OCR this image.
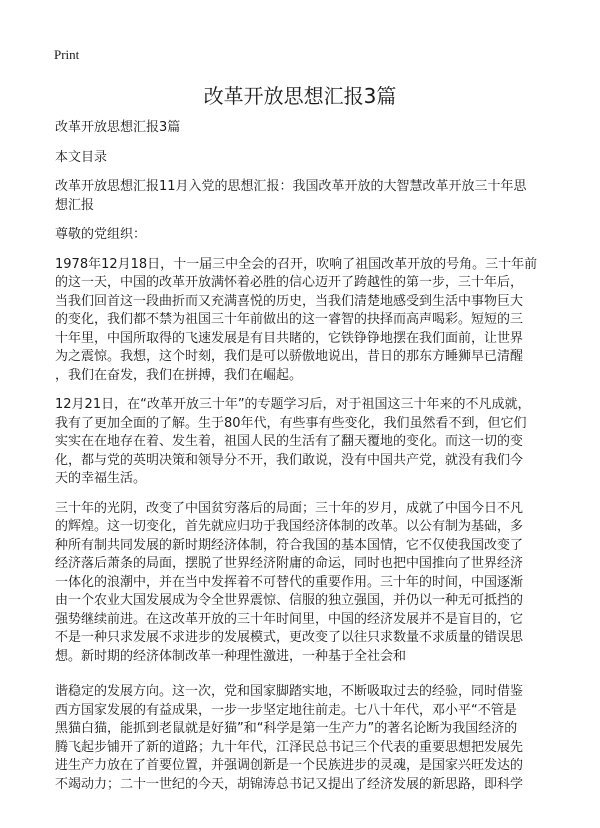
Print
改革开放思想汇报3篇

改革开放思想汇报3篇

本文目录

改革开放思想汇报11月入党的思想汇报：我国改革开放的大智慧改革开放三十年思
想汇报

尊敬的党组织：

1978年12月18日，十一届三中全会的召开，吹响了祖国改革开放的号角。三十年前
的这一天，中国的改革开放满怀着必胜的信心迈开了跨越性的第一步，三十年后，
当我们回首这一段曲折而又充满喜悦的历史，当我们清楚地感受到生活中事物巨大
的变化，我们都不禁为祖国三十年前做出的这一睿智的抉择而高声喝彩。短短的三
十年里，中国所取得的飞速发展是有目共睹的，它铁铮铮地摆在我们面前，让世界
为之震惊。我想，这个时刻，我们是可以骄傲地说出，昔日的那东方睡狮早已清醒
，我们在奋发，我们在拼搏，我们在崛起。

12月21日，在“改革开放三十年”的专题学习后，对于祖国这三十年来的不凡成就，
我有了更加全面的了解。生于80年代，有些事有些变化，我们虽然看不到，但它们
实实在在地存在着、发生着，祖国人民的生活有了翻天覆地的变化。而这一切的变
化，都与党的英明决策和领导分不开，我们敢说，没有中国共产党，就没有我们今
天的幸福生活。

三十年的光阴，改变了中国贫穷落后的局面；三十年的岁月，成就了中国今日不凡
的辉煌。这一切变化，首先就应归功于我国经济体制的改革。以公有制为基础，多
种所有制共同发展的新时期经济体制，符合我国的基本国情，它不仅使我国改变了
经济落后萧条的局面，摆脱了世界经济附庸的命运，同时也把中国推向了世界经济
一体化的浪潮中，并在当中发挥着不可替代的重要作用。三十年的时间，中国逐渐
由一个农业大国发展成为令全世界震惊、信服的独立强国，并仍以一种无可抵挡的
强势继续前进。在这改革开放的三十年时间里，中国的经济发展并不是盲目的，它
不是一种只求发展不求进步的发展模式，更改变了以往只求数量不求质量的错误思
想。新时期的经济体制改革一种理性激进，一种基于全社会和

谐稳定的发展方向。这一次，党和国家脚踏实地，不断吸取过去的经验，同时借鉴
西方国家发展的有益成果，一步一步坚定地往前走。七八十年代，邓小平“不管是
黑猫白猫，能抓到老鼠就是好猫”和“科学是第一生产力”的著名论断为我国经济的
腾飞起步铺开了新的道路；九十年代，江泽民总书记三个代表的重要思想把发展先
进生产力放在了首要位置，并强调创新是一个民族进步的灵魂，是国家兴旺发达的
不竭动力；二十一世纪的今天，胡锦涛总书记又提出了经济发展的新思路，即科学
